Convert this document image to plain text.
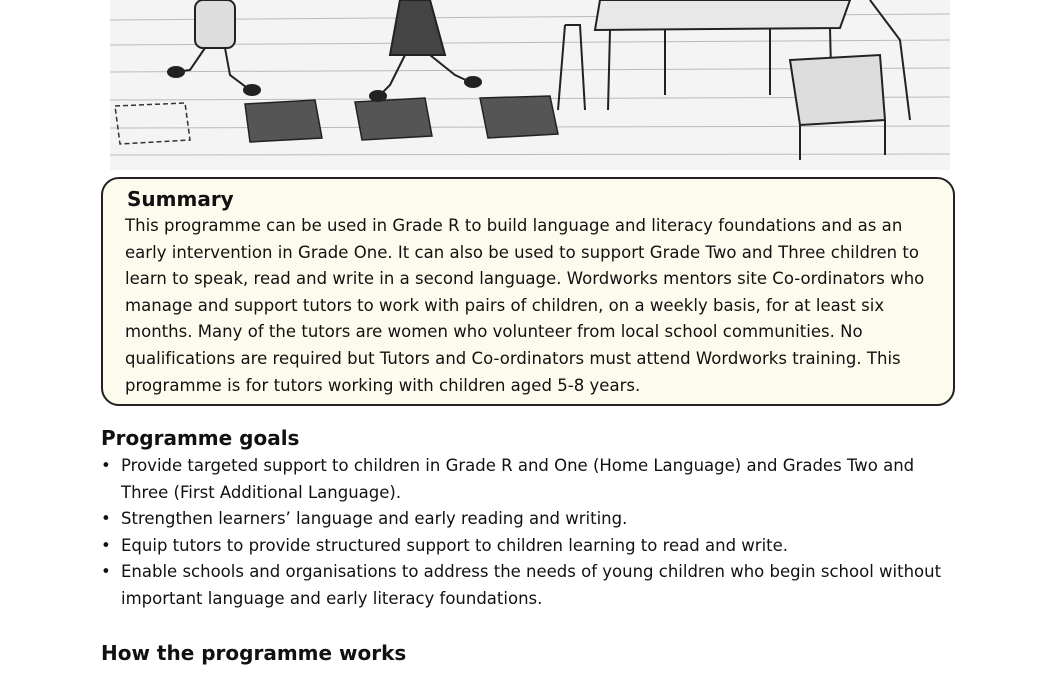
Summary

This programme can be used in Grade R to build language and literacy foundations and as an early intervention in Grade One. It can also be used to support Grade Two and Three children to learn to speak, read and write in a second language. Wordworks mentors site Co-ordinators who manage and support tutors to work with pairs of children, on a weekly basis, for at least six months. Many of the tutors are women who volunteer from local school communities. No qualifications are required but Tutors and Co-ordinators must attend Wordworks training. This programme is for tutors working with children aged 5-8 years.

Programme goals
• Provide targeted support to children in Grade R and One (Home Language) and Grades Two and Three (First Additional Language).
• Strengthen learners’ language and early reading and writing.
• Equip tutors to provide structured support to children learning to read and write.
• Enable schools and organisations to address the needs of young children who begin school without important language and early literacy foundations.
How the programme works
